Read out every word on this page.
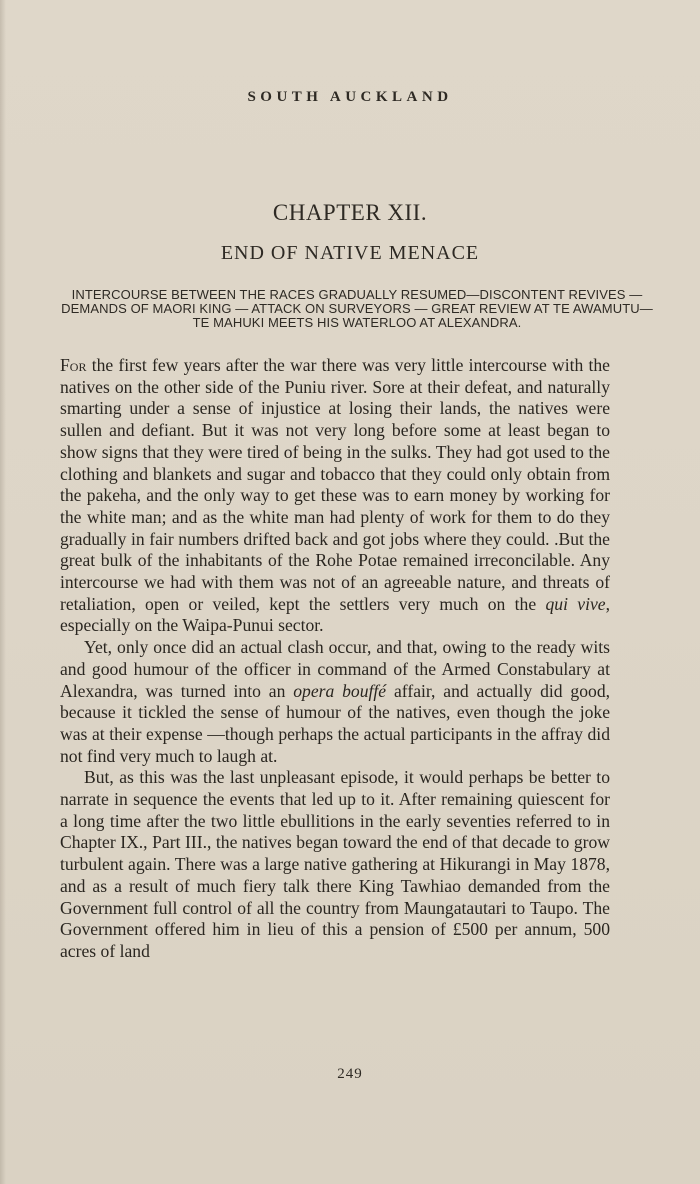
SOUTH AUCKLAND
CHAPTER XII.
END OF NATIVE MENACE
INTERCOURSE BETWEEN THE RACES GRADUALLY RESUMED—DISCONTENT REVIVES — DEMANDS OF MAORI KING — ATTACK ON SURVEYORS — GREAT REVIEW AT TE AWAMUTU—TE MAHUKI MEETS HIS WATERLOO AT ALEXANDRA.

For the first few years after the war there was very little intercourse with the natives on the other side of the Puniu river. Sore at their defeat, and naturally smarting under a sense of injustice at losing their lands, the natives were sullen and defiant. But it was not very long before some at least began to show signs that they were tired of being in the sulks. They had got used to the clothing and blankets and sugar and tobacco that they could only obtain from the pakeha, and the only way to get these was to earn money by working for the white man; and as the white man had plenty of work for them to do they gradually in fair numbers drifted back and got jobs where they could. .But the great bulk of the inhabitants of the Rohe Potae remained irreconcilable. Any intercourse we had with them was not of an agreeable nature, and threats of retaliation, open or veiled, kept the settlers very much on the qui vive, especially on the Waipa-Punui sector.

Yet, only once did an actual clash occur, and that, owing to the ready wits and good humour of the officer in command of the Armed Constabulary at Alexandra, was turned into an opera bouffé affair, and actually did good, because it tickled the sense of humour of the natives, even though the joke was at their expense —though perhaps the actual participants in the affray did not find very much to laugh at.

But, as this was the last unpleasant episode, it would perhaps be better to narrate in sequence the events that led up to it. After remaining quiescent for a long time after the two little ebullitions in the early seventies referred to in Chapter IX., Part III., the natives began toward the end of that decade to grow turbulent again. There was a large native gathering at Hikurangi in May 1878, and as a result of much fiery talk there King Tawhiao demanded from the Government full control of all the country from Maungatautari to Taupo. The Government offered him in lieu of this a pension of £500 per annum, 500 acres of land

249
